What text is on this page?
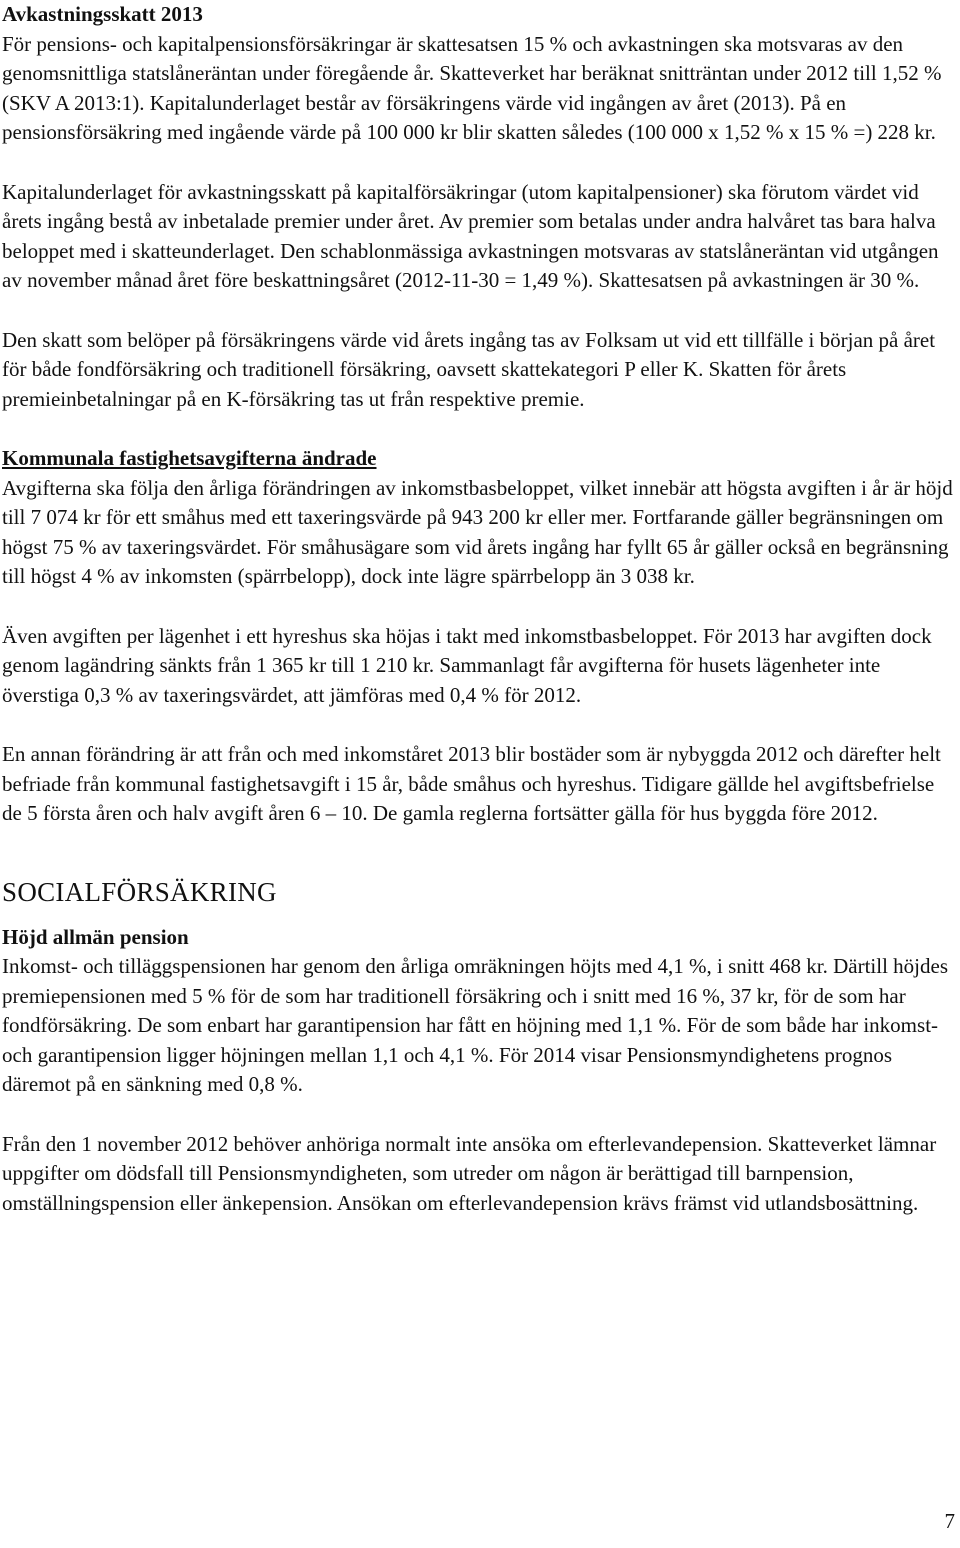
Avkastningsskatt 2013

För pensions- och kapitalpensionsförsäkringar är skattesatsen 15 % och avkastningen ska motsvaras av den genomsnittliga statslåneräntan under föregående år. Skatteverket har beräknat snitträntan under 2012 till 1,52 % (SKV A 2013:1). Kapitalunderlaget består av försäkringens värde vid ingången av året (2013). På en pensionsförsäkring med ingående värde på 100 000 kr blir skatten således (100 000 x 1,52 % x 15 % =) 228 kr.

Kapitalunderlaget för avkastningsskatt på kapitalförsäkringar (utom kapitalpensioner) ska förutom värdet vid årets ingång bestå av inbetalade premier under året. Av premier som betalas under andra halvåret tas bara halva beloppet med i skatteunderlaget. Den schablonmässiga avkastningen motsvaras av statslåneräntan vid utgången av november månad året före beskattningsåret (2012-11-30 = 1,49 %). Skattesatsen på avkastningen är 30 %.

Den skatt som belöper på försäkringens värde vid årets ingång tas av Folksam ut vid ett tillfälle i början på året för både fondförsäkring och traditionell försäkring, oavsett skattekategori P eller K. Skatten för årets premieinbetalningar på en K-försäkring tas ut från respektive premie.

Kommunala fastighetsavgifterna ändrade

Avgifterna ska följa den årliga förändringen av inkomstbasbeloppet, vilket innebär att högsta avgiften i år är höjd till 7 074 kr för ett småhus med ett taxeringsvärde på 943 200 kr eller mer. Fortfarande gäller begränsningen om högst 75 % av taxeringsvärdet. För småhusägare som vid årets ingång har fyllt 65 år gäller också en begränsning till högst 4 % av inkomsten (spärrbelopp), dock inte lägre spärrbelopp än 3 038 kr.

Även avgiften per lägenhet i ett hyreshus ska höjas i takt med inkomstbasbeloppet. För 2013 har avgiften dock genom lagändring sänkts från 1 365 kr till 1 210 kr. Sammanlagt får avgifterna för husets lägenheter inte överstiga 0,3 % av taxeringsvärdet, att jämföras med 0,4 % för 2012.

En annan förändring är att från och med inkomståret 2013 blir bostäder som är nybyggda 2012 och därefter helt befriade från kommunal fastighetsavgift i 15 år, både småhus och hyreshus. Tidigare gällde hel avgiftsbefrielse de 5 första åren och halv avgift åren 6 – 10. De gamla reglerna fortsätter gälla för hus byggda före 2012.

SOCIALFÖRSÄKRING
Höjd allmän pension

Inkomst- och tilläggspensionen har genom den årliga omräkningen höjts med 4,1 %, i snitt 468 kr. Därtill höjdes premiepensionen med 5 % för de som har traditionell försäkring och i snitt med 16 %, 37 kr, för de som har fondförsäkring. De som enbart har garantipension har fått en höjning med 1,1 %. För de som både har inkomst- och garantipension ligger höjningen mellan 1,1 och 4,1 %. För 2014 visar Pensionsmyndighetens prognos däremot på en sänkning med 0,8 %.

Från den 1 november 2012 behöver anhöriga normalt inte ansöka om efterlevandepension. Skatteverket lämnar uppgifter om dödsfall till Pensionsmyndigheten, som utreder om någon är berättigad till barnpension, omställningspension eller änkepension. Ansökan om efterlevandepension krävs främst vid utlandsbosättning.

7
